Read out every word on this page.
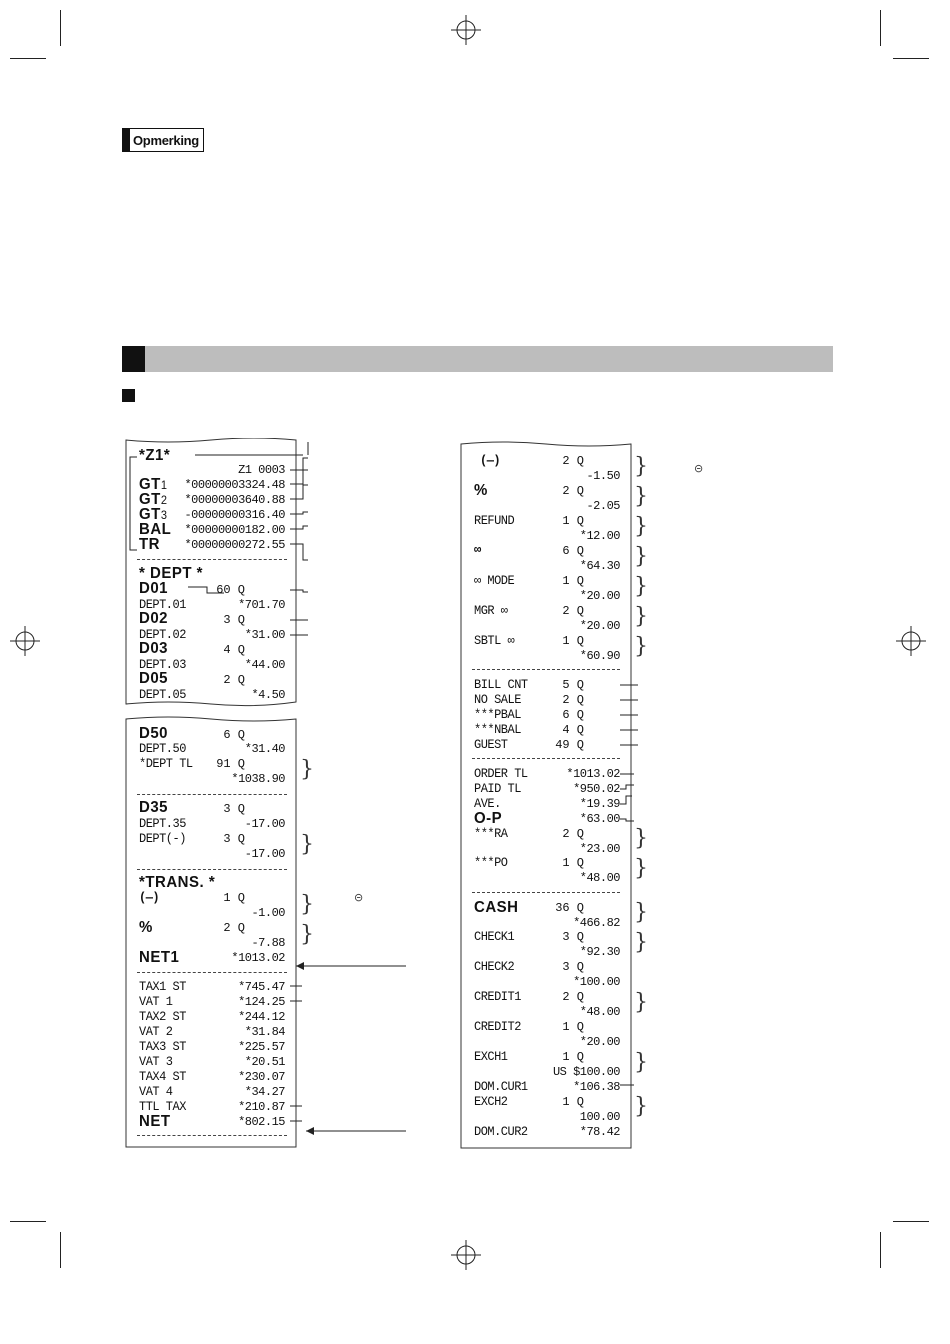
Opmerking
*Z1*
Z1 0003
GT1 *00000003324.48
GT2 *00000003640.88
GT3 -00000000316.40
BAL *00000000182.00
TR *00000000272.55
* DEPT *
D01	60 Q
DEPT.01	*701.70
D02	3 Q
DEPT.02	*31.00
D03	4 Q
DEPT.03	*44.00
D05	2 Q
DEPT.05	*4.50
D50	6 Q
DEPT.50	*31.40
*DEPT TL 91 Q
*1038.90
D35	3 Q
DEPT.35	-17.00
DEPT(-)	3 Q
-17.00
*TRANS. *
(—)	1 Q
-1.00
%	2 Q
-7.88
NET1	*1013.02
TAX1 ST	*745.47
VAT 1	*124.25
TAX2 ST	*244.12
VAT 2	*31.84
TAX3 ST	*225.57
VAT 3	*20.51
TAX4 ST	*230.07
VAT 4	*34.27
TTL TAX	*210.87
NET	*802.15
}
}
}
}
⊝
(—)	2 Q
-1.50
%	2 Q
-2.05
REFUND	1 Q
*12.00
∞	6 Q
*64.30
∞ MODE	1 Q
*20.00
MGR ∞	2 Q
*20.00
SBTL ∞	1 Q
*60.90
BILL CNT	5 Q
NO SALE	2 Q
***PBAL	6 Q
***NBAL	4 Q
GUEST	49 Q
ORDER TL	*1013.02
PAID TL	*950.02
AVE.	*19.39
O-P	*63.00
***RA	2 Q
*23.00
***PO	1 Q
*48.00
CASH	36 Q
*466.82
CHECK1	3 Q
*92.30
CHECK2	3 Q
*100.00
CREDIT1	2 Q
*48.00
CREDIT2	1 Q
*20.00
EXCH1	1 Q
US $100.00
DOM.CUR1	*106.38
EXCH2	1 Q
100.00
DOM.CUR2	*78.42
}
}
}
}
}
}
}
}
}
}
}
}
}
}
⊝
